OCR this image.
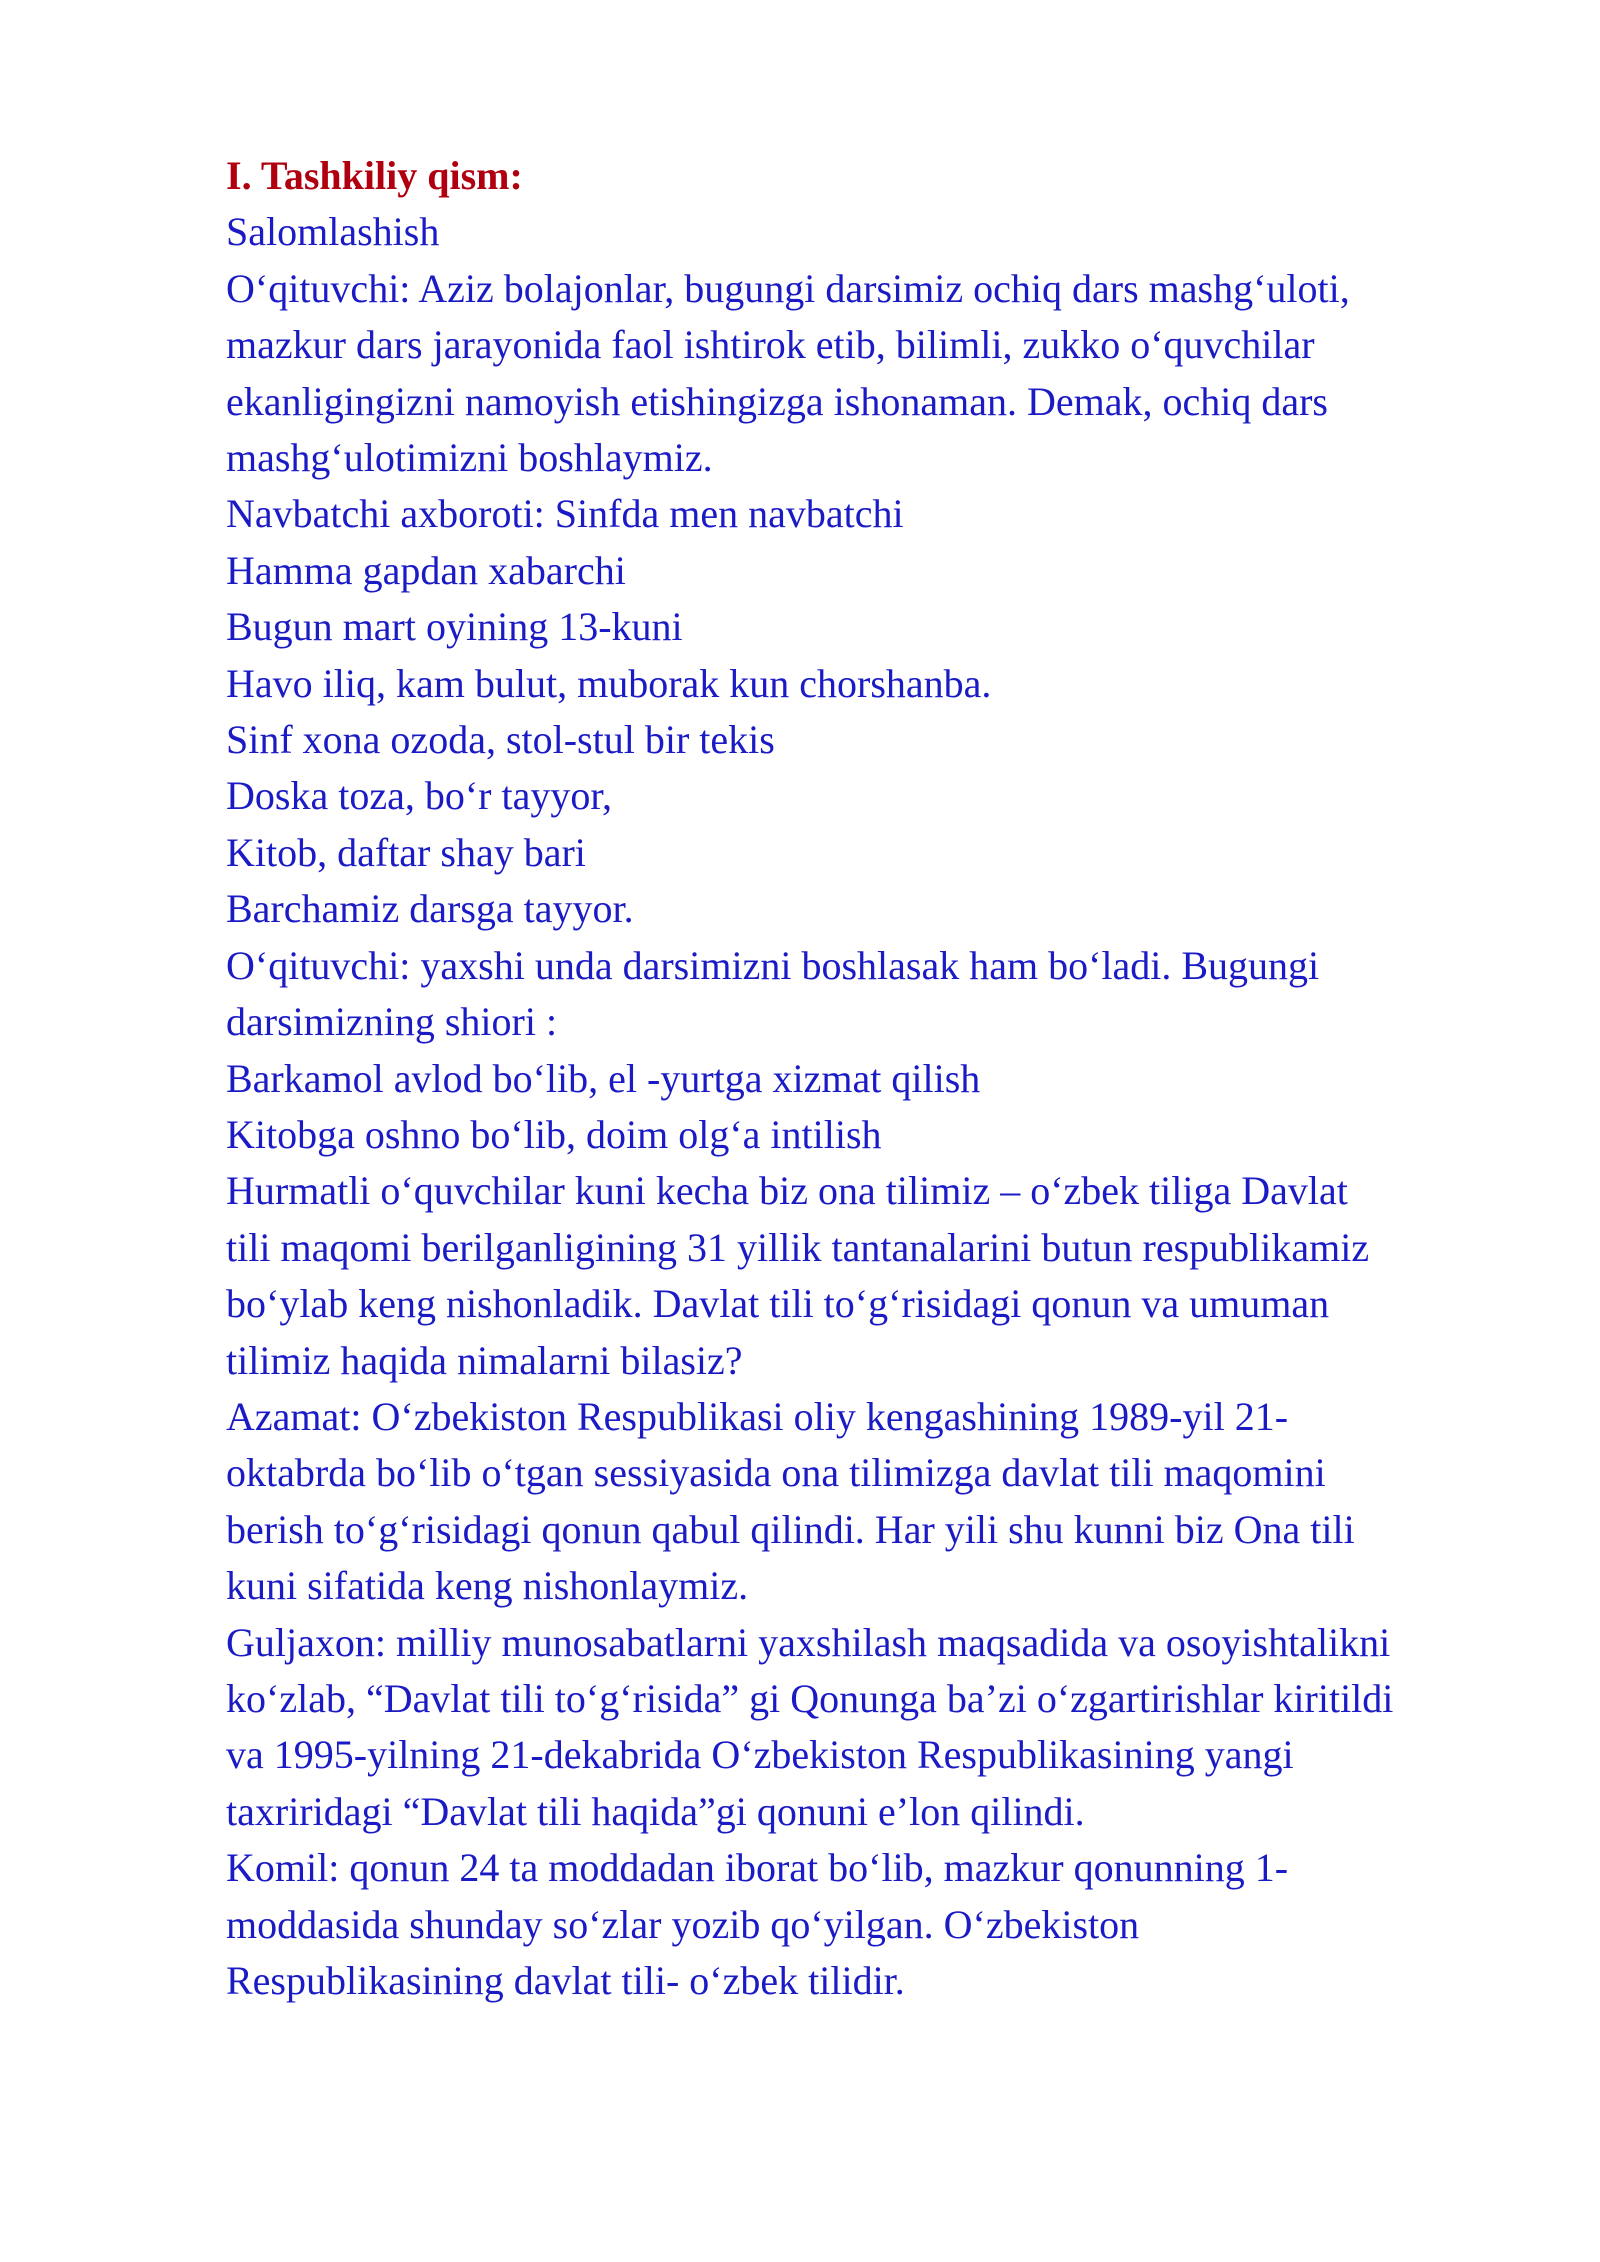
I. Tashkiliy qism:
Salomlashish
O‘qituvchi: Aziz bolajonlar, bugungi darsimiz ochiq dars mashg‘uloti,
mazkur dars jarayonida faol ishtirok etib, bilimli, zukko o‘quvchilar
ekanligingizni namoyish etishingizga ishonaman. Demak, ochiq dars
mashg‘ulotimizni boshlaymiz.
Navbatchi axboroti: Sinfda men navbatchi
Hamma gapdan xabarchi
Bugun mart oyining 13-kuni
Havo iliq, kam bulut, muborak kun chorshanba.
Sinf xona ozoda, stol-stul bir tekis
Doska toza, bo‘r tayyor,
Kitob, daftar shay bari
Barchamiz darsga tayyor.
O‘qituvchi: yaxshi unda darsimizni boshlasak ham bo‘ladi. Bugungi
darsimizning shiori :
Barkamol avlod bo‘lib, el -yurtga xizmat qilish
Kitobga oshno bo‘lib, doim olg‘a intilish
Hurmatli o‘quvchilar kuni kecha biz ona tilimiz – o‘zbek tiliga Davlat
tili maqomi berilganligining 31 yillik tantanalarini butun respublikamiz
bo‘ylab keng nishonladik. Davlat tili to‘g‘risidagi qonun va umuman
tilimiz haqida nimalarni bilasiz?
Azamat: O‘zbekiston Respublikasi oliy kengashining 1989-yil 21-
oktabrda bo‘lib o‘tgan sessiyasida ona tilimizga davlat tili maqomini
berish to‘g‘risidagi qonun qabul qilindi. Har yili shu kunni biz Ona tili
kuni sifatida keng nishonlaymiz.
Guljaxon: milliy munosabatlarni yaxshilash maqsadida va osoyishtalikni
ko‘zlab, “Davlat tili to‘g‘risida” gi Qonunga ba’zi o‘zgartirishlar kiritildi
va 1995-yilning 21-dekabrida O‘zbekiston Respublikasining yangi
taxriridagi “Davlat tili haqida”gi qonuni e’lon qilindi.
Komil: qonun 24 ta moddadan iborat bo‘lib, mazkur qonunning 1-
moddasida shunday so‘zlar yozib qo‘yilgan. O‘zbekiston
Respublikasining davlat tili- o‘zbek tilidir.
